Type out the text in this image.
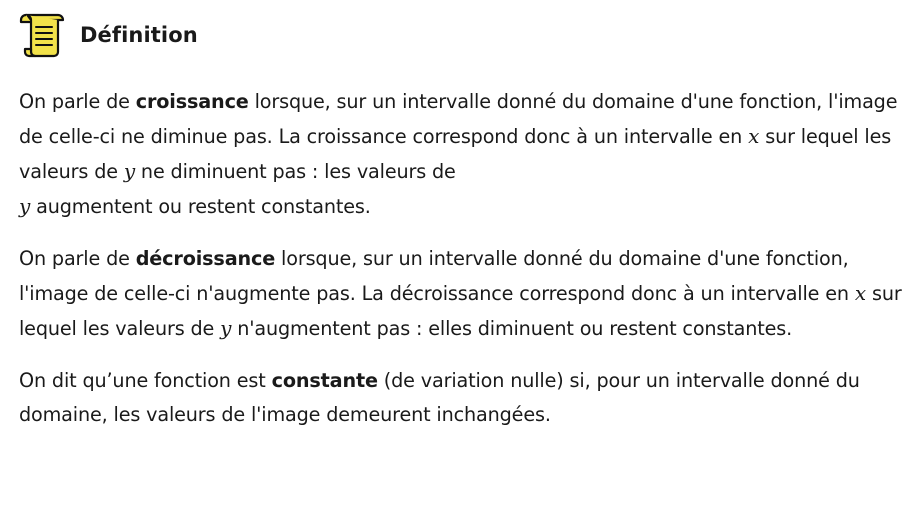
Définition

On parle de croissance lorsque, sur un intervalle donné du domaine d'une fonction, l'image de celle-ci ne diminue pas. La croissance correspond donc à un intervalle en x sur lequel les valeurs de y ne diminuent pas : les valeurs de
y augmentent ou restent constantes.

On parle de décroissance lorsque, sur un intervalle donné du domaine d'une fonction, l'image de celle-ci n'augmente pas. La décroissance correspond donc à un intervalle en x sur lequel les valeurs de y n'augmentent pas : elles diminuent ou restent constantes.

On dit qu’une fonction est constante (de variation nulle) si, pour un intervalle donné du domaine, les valeurs de l'image demeurent inchangées.
